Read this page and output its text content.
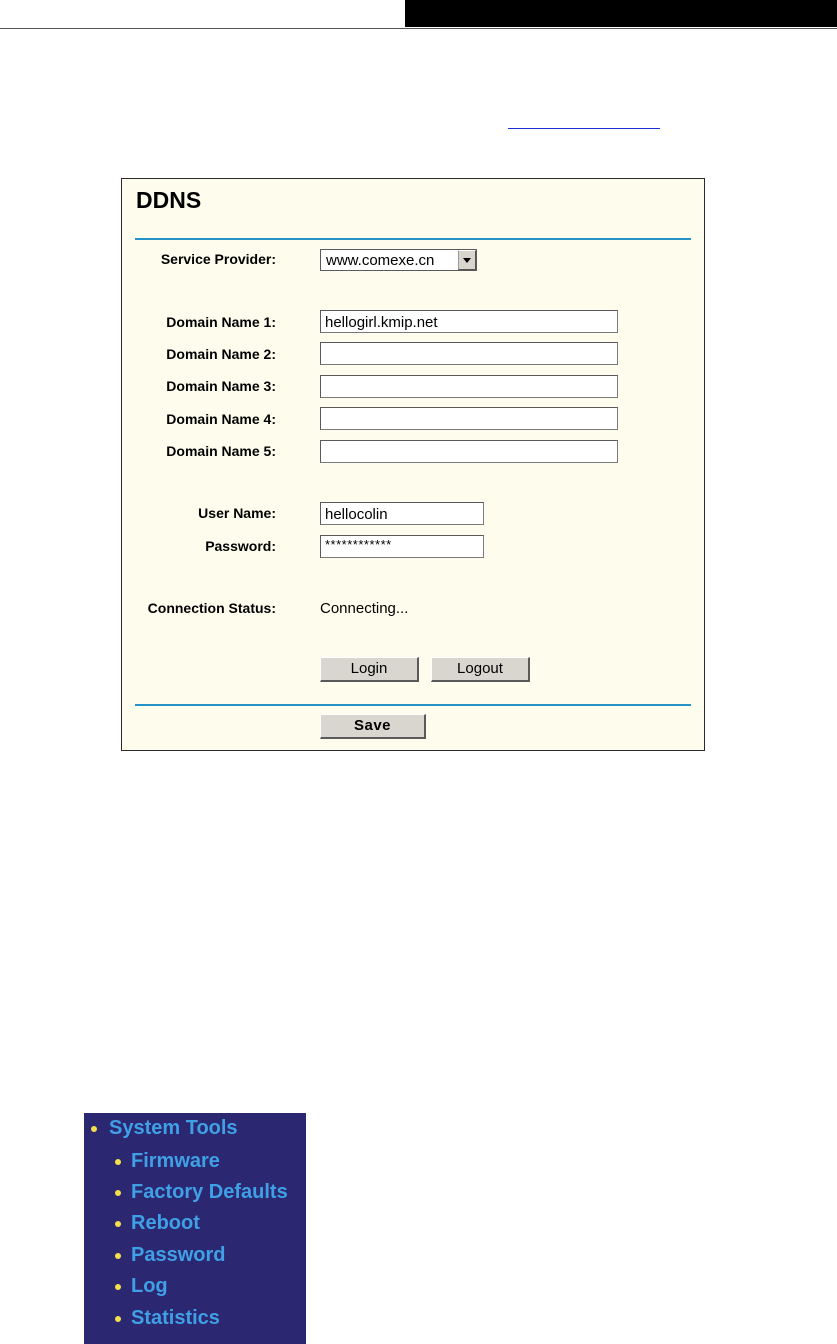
DDNS
Service Provider:	www.comexe.cn
Domain Name 1:	hellogirl.kmip.net
Domain Name 2:
Domain Name 3:
Domain Name 4:
Domain Name 5:
User Name:	hellocolin
Password:	************
Connection Status:	Connecting...
Login	Logout
Save
System Tools
Firmware
Factory Defaults
Reboot
Password
Log
Statistics
